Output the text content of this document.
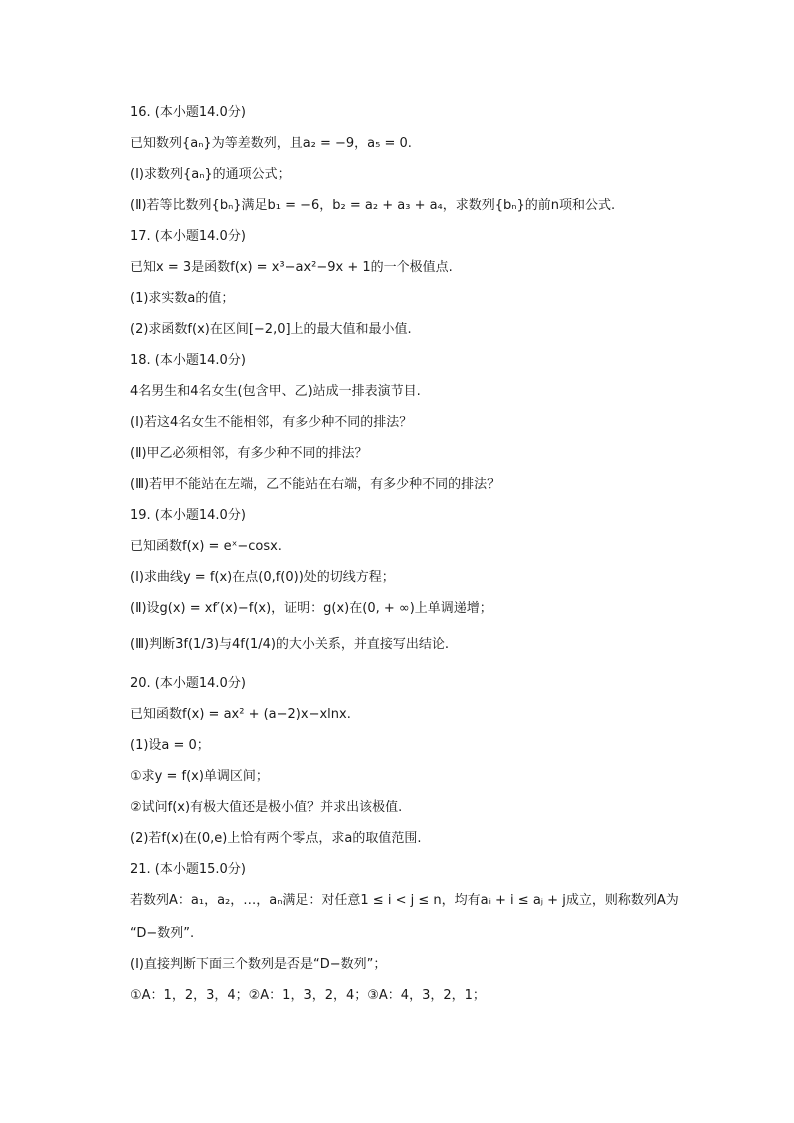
16. (本小题14.0分)
已知数列{aₙ}为等差数列，且a₂ = −9，a₅ = 0.
(Ⅰ)求数列{aₙ}的通项公式；
(Ⅱ)若等比数列{bₙ}满足b₁ = −6，b₂ = a₂ + a₃ + a₄，求数列{bₙ}的前n项和公式.
17. (本小题14.0分)
已知x = 3是函数f(x) = x³−ax²−9x + 1的一个极值点.
(1)求实数a的值；
(2)求函数f(x)在区间[−2,0]上的最大值和最小值.
18. (本小题14.0分)
4名男生和4名女生(包含甲、乙)站成一排表演节目.
(Ⅰ)若这4名女生不能相邻，有多少种不同的排法？
(Ⅱ)甲乙必须相邻，有多少种不同的排法？
(Ⅲ)若甲不能站在左端，乙不能站在右端，有多少种不同的排法？
19. (本小题14.0分)
已知函数f(x) = eˣ−cosx.
(Ⅰ)求曲线y = f(x)在点(0,f(0))处的切线方程；
(Ⅱ)设g(x) = xf′(x)−f(x)，证明：g(x)在(0, + ∞)上单调递增；
(Ⅲ)判断3f(1/3)与4f(1/4)的大小关系，并直接写出结论.
20. (本小题14.0分)
已知函数f(x) = ax² + (a−2)x−xlnx.
(1)设a = 0；
①求y = f(x)单调区间；
②试问f(x)有极大值还是极小值？并求出该极值.
(2)若f(x)在(0,e)上恰有两个零点，求a的取值范围.
21. (本小题15.0分)
若数列A：a₁，a₂，…，aₙ满足：对任意1 ≤ i < j ≤ n，均有aᵢ + i ≤ aⱼ + j成立，则称数列A为
“D−数列”.
(Ⅰ)直接判断下面三个数列是否是“D−数列”；
①A：1，2，3，4；②A：1，3，2，4；③A：4，3，2，1；
